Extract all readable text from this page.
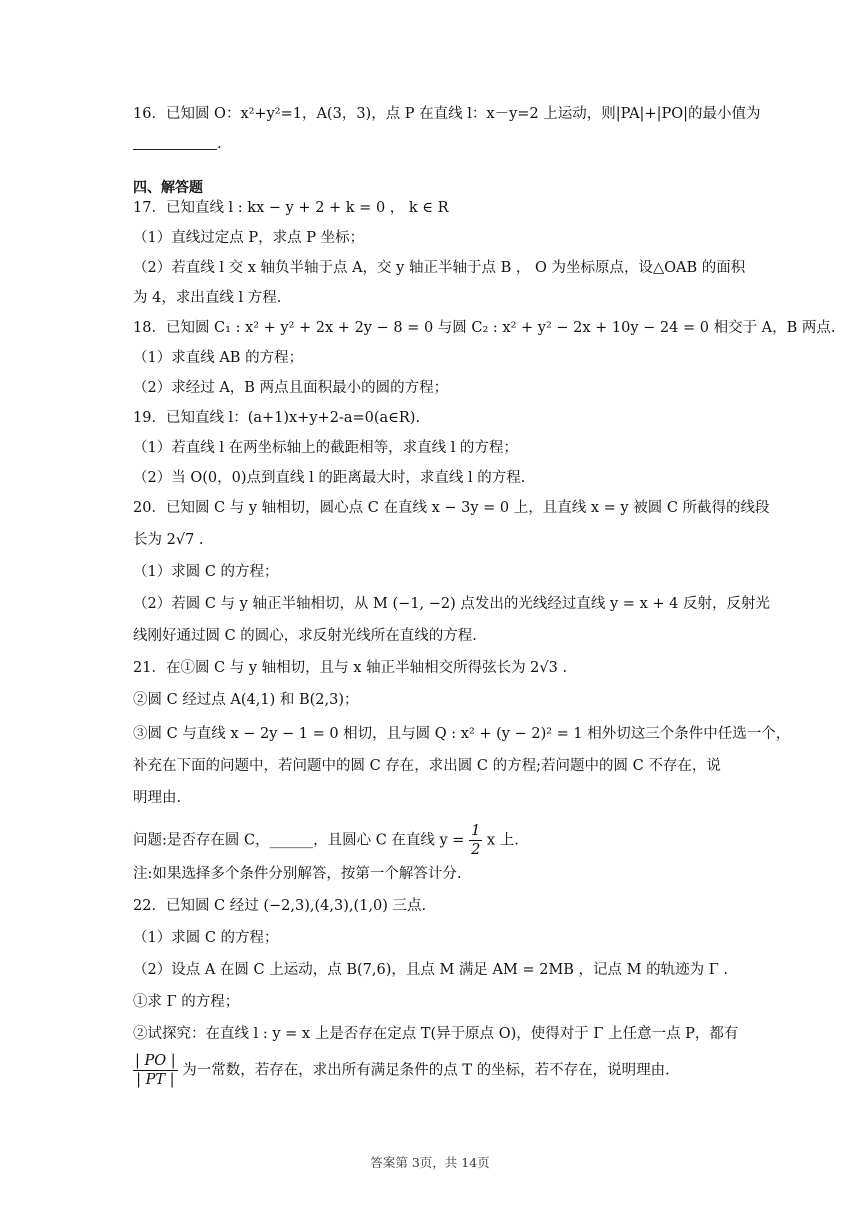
16．已知圆 O：x²+y²=1，A(3，3)，点 P 在直线 l：x－y=2 上运动，则|PA|+|PO|的最小值为
.
四、解答题
17．已知直线 l : kx − y + 2 + k = 0 ， k ∈ R
（1）直线过定点 P，求点 P 坐标；
（2）若直线 l 交 x 轴负半轴于点 A，交 y 轴正半轴于点 B ， O 为坐标原点，设△OAB 的面积
为 4，求出直线 l 方程.
18．已知圆 C₁ : x² + y² + 2x + 2y − 8 = 0 与圆 C₂ : x² + y² − 2x + 10y − 24 = 0 相交于 A，B 两点.
（1）求直线 AB 的方程；
（2）求经过 A，B 两点且面积最小的圆的方程；
19．已知直线 l：(a+1)x+y+2-a=0(a∈R).
（1）若直线 l 在两坐标轴上的截距相等，求直线 l 的方程；
（2）当 O(0，0)点到直线 l 的距离最大时，求直线 l 的方程.
20．已知圆 C 与 y 轴相切，圆心点 C 在直线 x − 3y = 0 上，且直线 x = y 被圆 C 所截得的线段
长为 2√7 .
（1）求圆 C 的方程；
（2）若圆 C 与 y 轴正半轴相切，从 M (−1, −2) 点发出的光线经过直线 y = x + 4 反射，反射光
线刚好通过圆 C 的圆心，求反射光线所在直线的方程.
21．在①圆 C 与 y 轴相切，且与 x 轴正半轴相交所得弦长为 2√3 .
②圆 C 经过点 A(4,1) 和 B(2,3)；
③圆 C 与直线 x − 2y − 1 = 0 相切，且与圆 Q : x² + (y − 2)² = 1 相外切这三个条件中任选一个，
补充在下面的问题中，若问题中的圆 C 存在，求出圆 C 的方程;若问题中的圆 C 不存在，说
明理由.
问题:是否存在圆 C，______，且圆心 C 在直线 $y = \frac{1}{2}$ x 上.
注:如果选择多个条件分别解答，按第一个解答计分.
22．已知圆 C 经过 (−2,3),(4,3),(1,0) 三点.
（1）求圆 C 的方程；
（2）设点 A 在圆 C 上运动，点 B(7,6)，且点 M 满足 AM = 2MB ，记点 M 的轨迹为 Γ .
①求 Γ 的方程；
②试探究：在直线 l : y = x 上是否存在定点 T(异于原点 O)，使得对于 Γ 上任意一点 P，都有
$\frac{| PO |}{| PT |}$ 为一常数，若存在，求出所有满足条件的点 T 的坐标，若不存在，说明理由.
答案第 3页，共 14页
